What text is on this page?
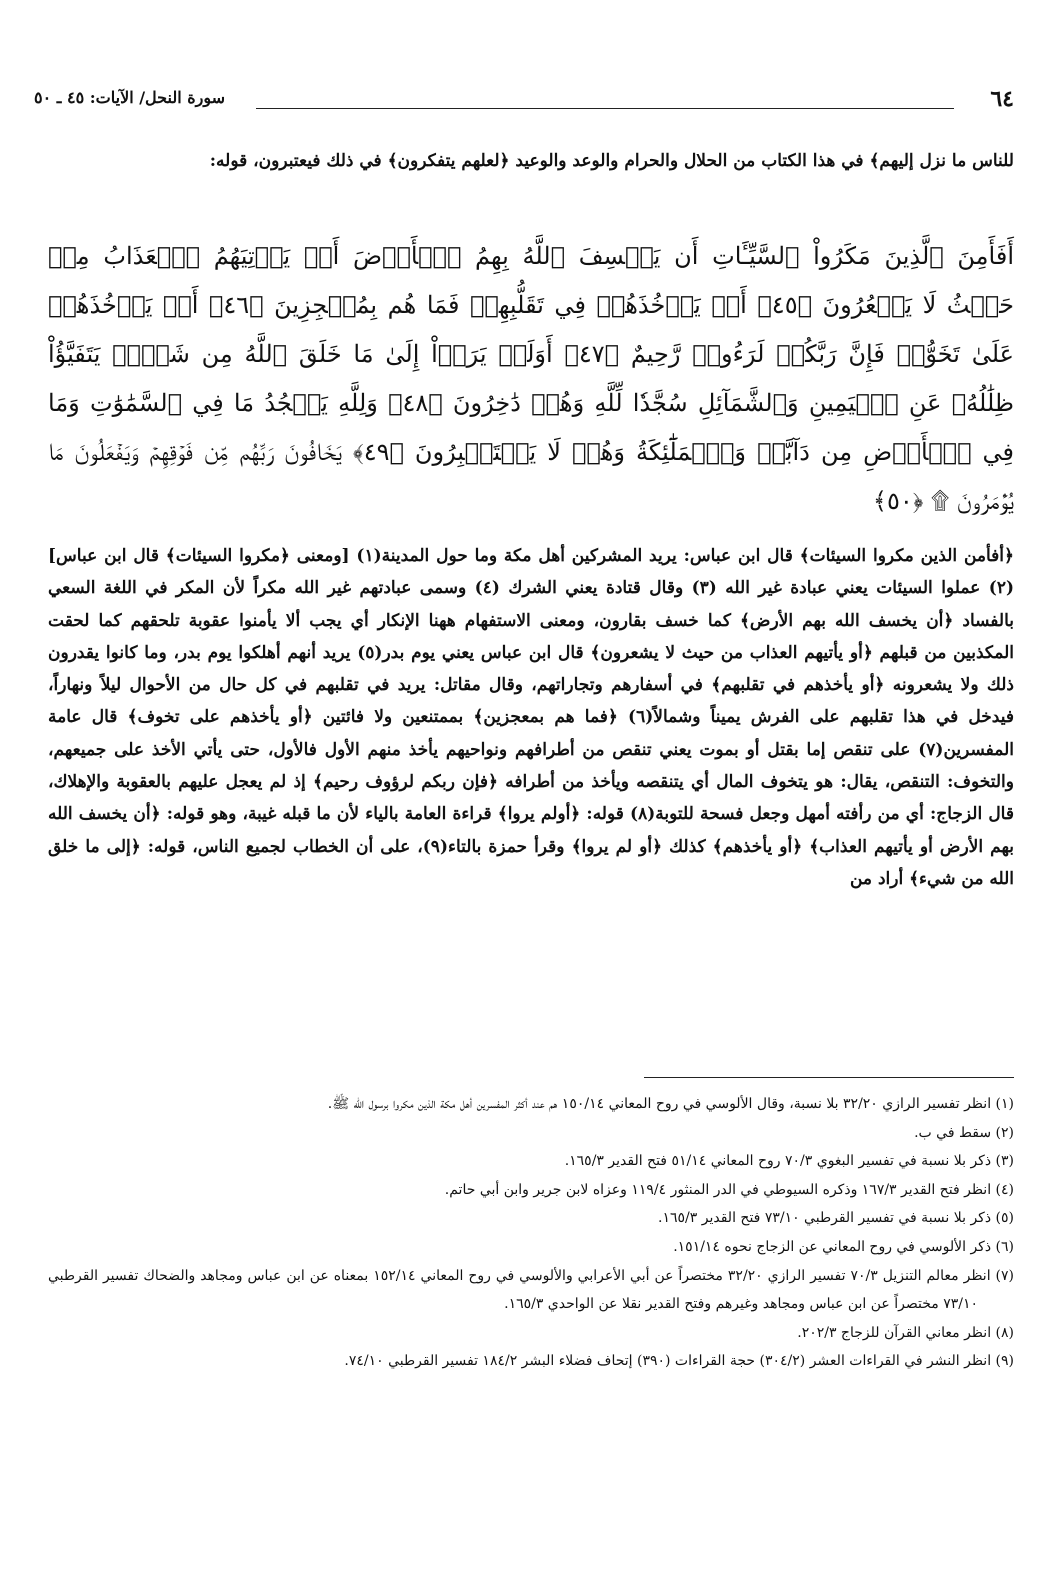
٦٤
سورة النحل/ الآيات: ٤٥ ـ ٥٠

للناس ما نزل إليهم﴾ في هذا الكتاب من الحلال والحرام والوعد والوعيد ﴿لعلهم يتفكرون﴾ في ذلك فيعتبرون، قوله:

أَفَأَمِنَ ٱلَّذِينَ مَكَرُواْ ٱلسَّيِّـَٔاتِ أَن يَخۡسِفَ ٱللَّهُ بِهِمُ ٱلۡأَرۡضَ أَوۡ يَأۡتِيَهُمُ ٱلۡعَذَابُ مِنۡ حَيۡثُ لَا يَشۡعُرُونَ ﴿٤٥﴾ أَوۡ يَأۡخُذَهُمۡ فِي تَقَلُّبِهِمۡ فَمَا هُم بِمُعۡجِزِينَ ﴿٤٦﴾ أَوۡ يَأۡخُذَهُمۡ عَلَىٰ تَخَوُّفٖ فَإِنَّ رَبَّكُمۡ لَرَءُوفٞ رَّحِيمٌ ﴿٤٧﴾ أَوَلَمۡ يَرَوۡاْ إِلَىٰ مَا خَلَقَ ٱللَّهُ مِن شَيۡءٖ يَتَفَيَّؤُاْ ظِلَٰلُهُۥ عَنِ ٱلۡيَمِينِ وَٱلشَّمَآئِلِ سُجَّدٗا لِّلَّهِ وَهُمۡ دَٰخِرُونَ ﴿٤٨﴾ وَلِلَّهِ يَسۡجُدُ مَا فِي ٱلسَّمَٰوَٰتِ وَمَا فِي ٱلۡأَرۡضِ مِن دَآبَّةٖ وَٱلۡمَلَٰٓئِكَةُ وَهُمۡ لَا يَسۡتَكۡبِرُونَ ﴿٤٩﴾ يَخَافُونَ رَبَّهُم مِّن فَوۡقِهِمۡ وَيَفۡعَلُونَ مَا يُؤۡمَرُونَ ۩ ﴿٥٠﴾

﴿أفأمن الذين مكروا السيئات﴾ قال ابن عباس: يريد المشركين أهل مكة وما حول المدينة(١) [ومعنى ﴿مكروا السيئات﴾ قال ابن عباس] (٢) عملوا السيئات يعني عبادة غير الله (٣) وقال قتادة يعني الشرك (٤) وسمى عبادتهم غير الله مكراً لأن المكر في اللغة السعي بالفساد ﴿أن يخسف الله بهم الأرض﴾ كما خسف بقارون، ومعنى الاستفهام ههنا الإنكار أي يجب ألا يأمنوا عقوبة تلحقهم كما لحقت المكذبين من قبلهم ﴿أو يأتيهم العذاب من حيث لا يشعرون﴾ قال ابن عباس يعني يوم بدر(٥) يريد أنهم أهلكوا يوم بدر، وما كانوا يقدرون ذلك ولا يشعرونه ﴿أو يأخذهم في تقلبهم﴾ في أسفارهم وتجاراتهم، وقال مقاتل: يريد في تقلبهم في كل حال من الأحوال ليلاً ونهاراً، فيدخل في هذا تقلبهم على الفرش يميناً وشمالاً(٦) ﴿فما هم بمعجزين﴾ بممتنعين ولا فائتين ﴿أو يأخذهم على تخوف﴾ قال عامة المفسرين(٧) على تنقص إما بقتل أو بموت يعني تنقص من أطرافهم ونواحيهم يأخذ منهم الأول فالأول، حتى يأتي الأخذ على جميعهم، والتخوف: التنقص، يقال: هو يتخوف المال أي يتنقصه ويأخذ من أطرافه ﴿فإن ربكم لرؤوف رحيم﴾ إذ لم يعجل عليهم بالعقوبة والإهلاك، قال الزجاج: أي من رأفته أمهل وجعل فسحة للتوبة(٨) قوله: ﴿أولم يروا﴾ قراءة العامة بالياء لأن ما قبله غيبة، وهو قوله: ﴿أن يخسف الله بهم الأرض أو يأتيهم العذاب﴾ ﴿أو يأخذهم﴾ كذلك ﴿أو لم يروا﴾ وقرأ حمزة بالتاء(٩)، على أن الخطاب لجميع الناس، قوله: ﴿إلى ما خلق الله من شيء﴾ أراد من

(١) انظر تفسير الرازي ٣٢/٢٠ بلا نسبة، وقال الألوسي في روح المعاني ١٥٠/١٤ هم عند أكثر المفسرين أهل مكة الذين مكروا برسول الله ﷺ.

(٢) سقط في ب.

(٣) ذكر بلا نسبة في تفسير البغوي ٧٠/٣ روح المعاني ٥١/١٤ فتح القدير ١٦٥/٣.

(٤) انظر فتح القدير ١٦٧/٣ وذكره السيوطي في الدر المنثور ١١٩/٤ وعزاه لابن جرير وابن أبي حاتم.

(٥) ذكر بلا نسبة في تفسير القرطبي ٧٣/١٠ فتح القدير ١٦٥/٣.

(٦) ذكر الألوسي في روح المعاني عن الزجاج نحوه ١٥١/١٤.

(٧) انظر معالم التنزيل ٧٠/٣ تفسير الرازي ٣٢/٢٠ مختصراً عن أبي الأعرابي والألوسي في روح المعاني ١٥٢/١٤ بمعناه عن ابن عباس ومجاهد والضحاك تفسير القرطبي ٧٣/١٠ مختصراً عن ابن عباس ومجاهد وغيرهم وفتح القدير نقلا عن الواحدي ١٦٥/٣.

(٨) انظر معاني القرآن للزجاج ٢٠٢/٣.

(٩) انظر النشر في القراءات العشر (٣٠٤/٢) حجة القراءات (٣٩٠) إتحاف فضلاء البشر ١٨٤/٢ تفسير القرطبي ٧٤/١٠.
